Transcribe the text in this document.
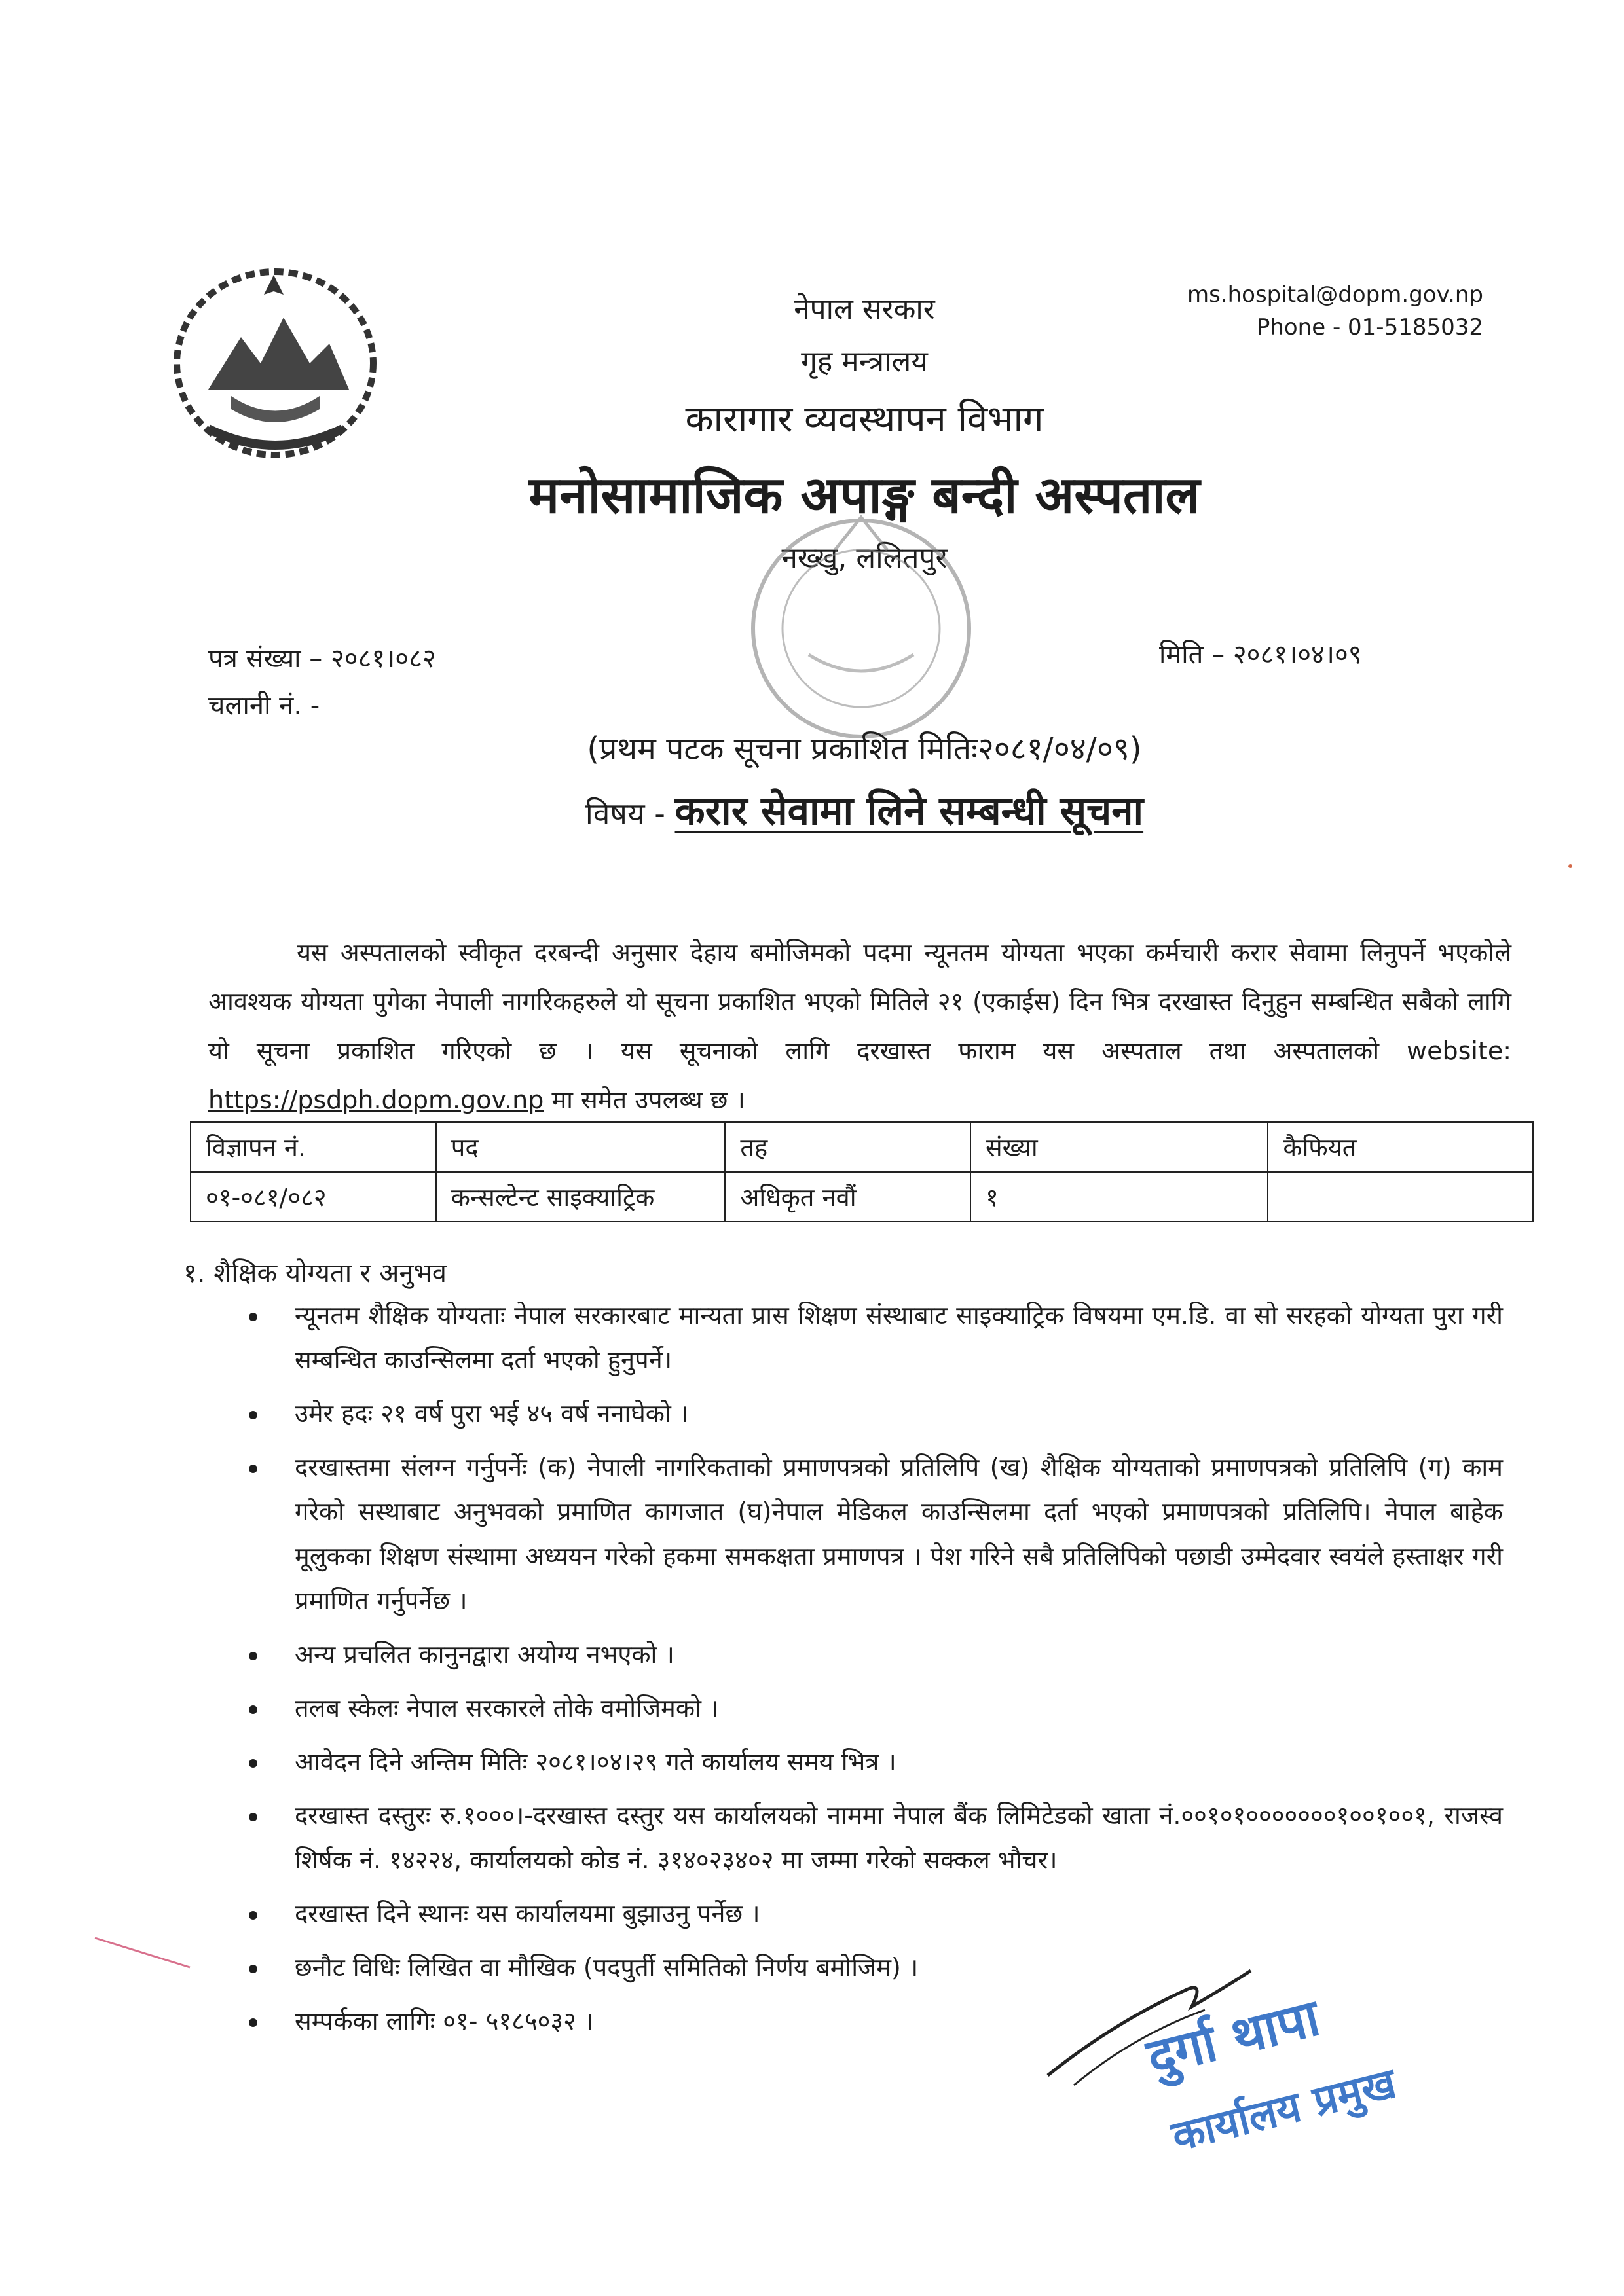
नेपाल सरकार
गृह मन्त्रालय
कारागार व्यवस्थापन विभाग
मनोसामाजिक अपाङ्ग बन्दी अस्पताल
नख्खु, ललितपुर
ms.hospital@dopm.gov.np
Phone - 01-5185032
पत्र संख्या – २०८१।०८२
चलानी नं. -
मिति – २०८१।०४।०९
(प्रथम पटक सूचना प्रकाशित मितिः२०८१/०४/०९)
विषय - करार सेवामा लिने सम्बन्धी सूचना

यस अस्पतालको स्वीकृत दरबन्दी अनुसार देहाय बमोजिमको पदमा न्यूनतम योग्यता भएका कर्मचारी करार सेवामा लिनुपर्ने भएकोले आवश्यक योग्यता पुगेका नेपाली नागरिकहरुले यो सूचना प्रकाशित भएको मितिले २१ (एकाईस) दिन भित्र दरखास्त दिनुहुन सम्बन्धित सबैको लागि यो सूचना प्रकाशित गरिएको छ । यस सूचनाको लागि दरखास्त फाराम यस अस्पताल तथा अस्पतालको website: https://psdph.dopm.gov.np मा समेत उपलब्ध छ ।

विज्ञापन नं.	पद	तह	संख्या	कैफियत
०१-०८१/०८२	कन्सल्टेन्ट साइक्याट्रिक	अधिकृत नवौं	१	
१. शैक्षिक योग्यता र अनुभव
न्यूनतम शैक्षिक योग्यताः नेपाल सरकारबाट मान्यता प्रास शिक्षण संस्थाबाट साइक्याट्रिक विषयमा एम.डि. वा सो सरहको योग्यता पुरा गरी सम्बन्धित काउन्सिलमा दर्ता भएको हुनुपर्ने।
उमेर हदः २१ वर्ष पुरा भई ४५ वर्ष ननाघेको ।
दरखास्तमा संलग्न गर्नुपर्नेः (क) नेपाली नागरिकताको प्रमाणपत्रको प्रतिलिपि (ख) शैक्षिक योग्यताको प्रमाणपत्रको प्रतिलिपि (ग) काम गरेको सस्थाबाट अनुभवको प्रमाणित कागजात (घ)नेपाल मेडिकल काउन्सिलमा दर्ता भएको प्रमाणपत्रको प्रतिलिपि। नेपाल बाहेक मूलुकका शिक्षण संस्थामा अध्ययन गरेको हकमा समकक्षता प्रमाणपत्र । पेश गरिने सबै प्रतिलिपिको पछाडी उम्मेदवार स्वयंले हस्ताक्षर गरी प्रमाणित गर्नुपर्नेछ ।
अन्य प्रचलित कानुनद्वारा अयोग्य नभएको ।
तलब स्केलः नेपाल सरकारले तोके वमोजिमको ।
आवेदन दिने अन्तिम मितिः २०८१।०४।२९ गते कार्यालय समय भित्र ।
दरखास्त दस्तुरः रु.१०००।-दरखास्त दस्तुर यस कार्यालयको नाममा नेपाल बैंक लिमिटेडको खाता नं.००१०१०००००००१००१००१, राजस्व शिर्षक नं. १४२२४, कार्यालयको कोड नं. ३१४०२३४०२ मा जम्मा गरेको सक्कल भौचर।
दरखास्त दिने स्थानः यस कार्यालयमा बुझाउनु पर्नेछ ।
छनौट विधिः लिखित वा मौखिक (पदपुर्ती समितिको निर्णय बमोजिम) ।
सम्पर्कका लागिः ०१- ५१८५०३२ ।	दुर्गा थापा
कार्यालय प्रमुख
